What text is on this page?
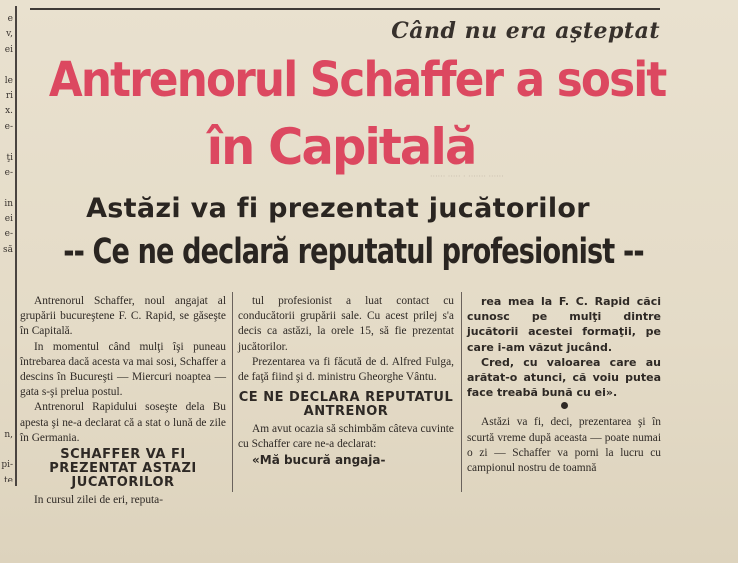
e
v,
ei
le
ri
x.
e-
ţi
e-
in
ei
e-
să
n,
pi-
te
······ ····· · ······· ······
Când nu era aşteptat
Antrenorul Schaffer a sosit
în Capitală
Astăzi va fi prezentat jucătorilor
-- Ce ne declară reputatul profesionist --

Antrenorul Schaffer, noul angajat al grupării bucureştene F. C. Rapid, se găseşte în Capitală.

In momentul când mulţi îşi puneau întrebarea dacă acesta va mai sosi, Schaffer a descins în Bucureşti — Miercuri noaptea — gata s-şi prelua postul.

Antrenorul Rapidului soseşte dela Bu apesta şi ne-a declarat că a stat o lună de zile în Germania.

SCHAFFER VA FI PREZENTAT ASTAZI JUCATORILOR

In cursul zilei de eri, reputa-

tul profesionist a luat contact cu conducătorii grupării sale. Cu acest prilej s'a decis ca astăzi, la orele 15, să fie prezentat jucătorilor.

Prezentarea va fi făcută de d. Alfred Fulga, de faţă fiind şi d. ministru Gheorghe Vântu.

CE NE DECLARA REPUTATUL ANTRENOR

Am avut ocazia să schimbăm câteva cuvinte cu Schaffer care ne-a declarat:

«Mă bucură angaja-

rea mea la F. C. Rapid căci cunosc pe mulţi dintre jucătorii acestei formaţii, pe care i-am văzut jucând.

Cred, cu valoarea care au arătat-o atunci, că voiu putea face treabă bună cu ei».

Astăzi va fi, deci, prezentarea şi în scurtă vreme după aceasta — poate numai o zi — Schaffer va porni la lucru cu campionul nostru de toamnă
